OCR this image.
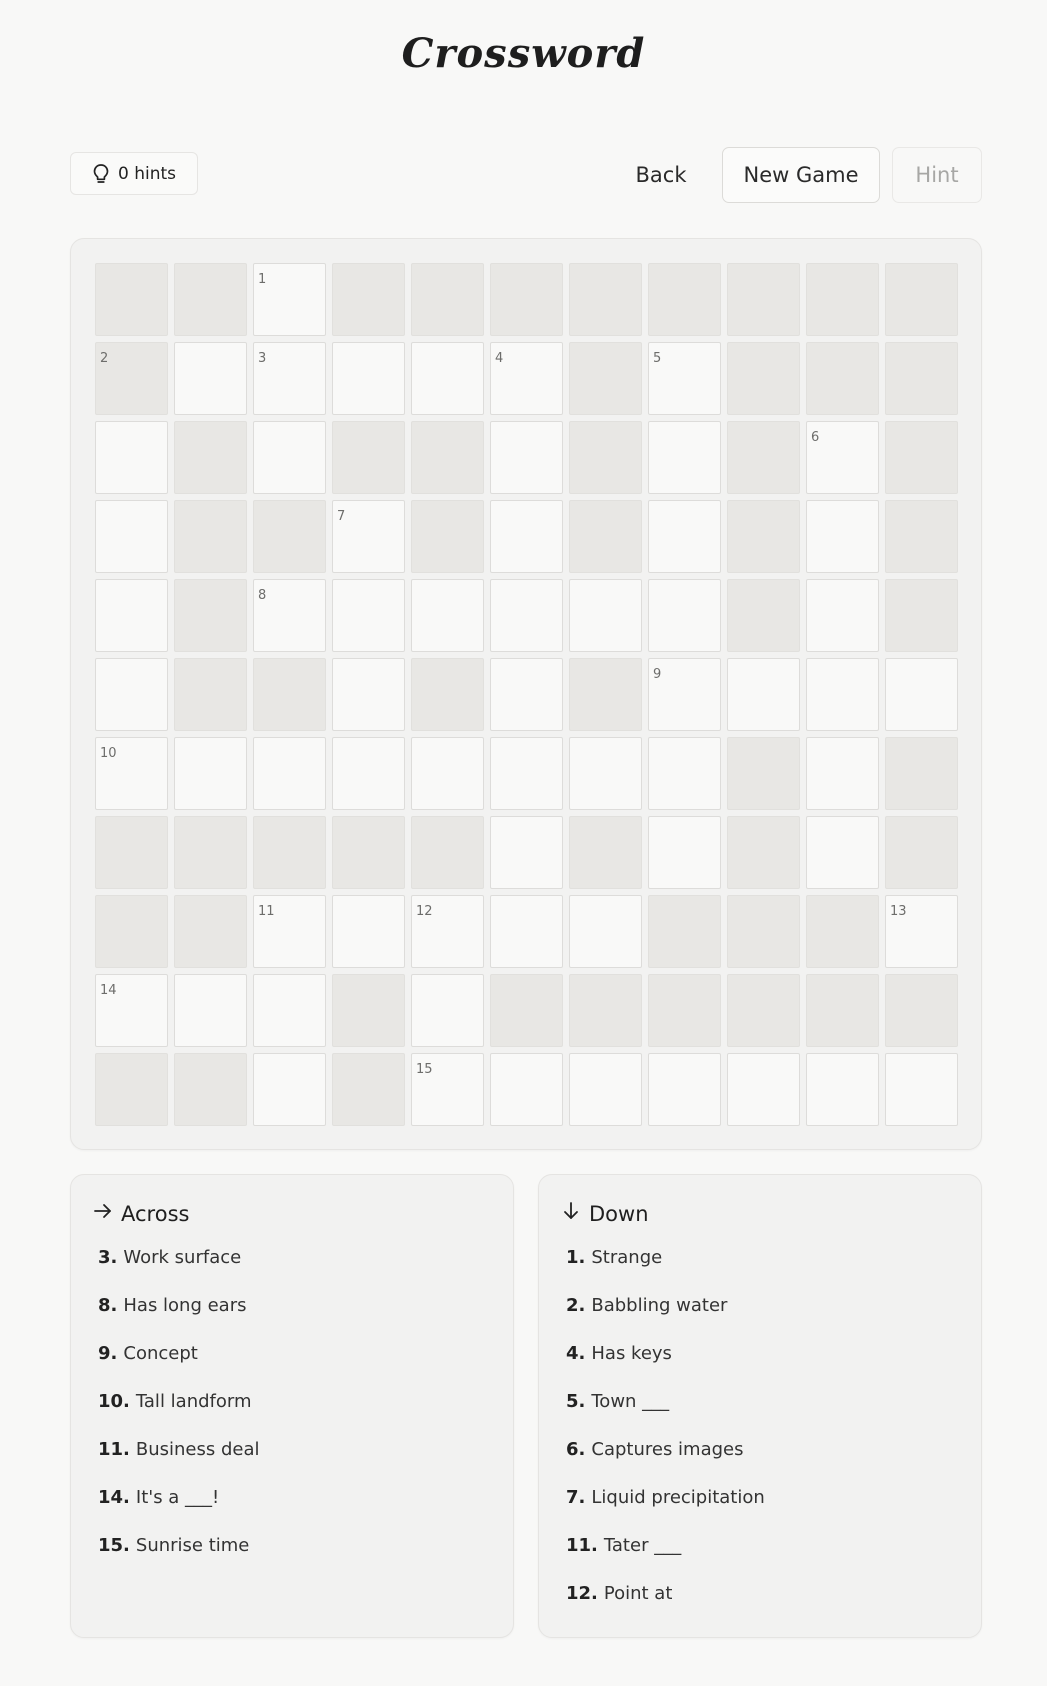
Crossword
0 hints	Back	New Game	Hint
1
2	3	4	5
6
7
8
9
10
11	12	13
14
15
Across
3. Work surface
8. Has long ears
9. Concept
10. Tall landform
11. Business deal
14. It's a ___!
15. Sunrise time
Down
1. Strange
2. Babbling water
4. Has keys
5. Town ___
6. Captures images
7. Liquid precipitation
11. Tater ___
12. Point at
